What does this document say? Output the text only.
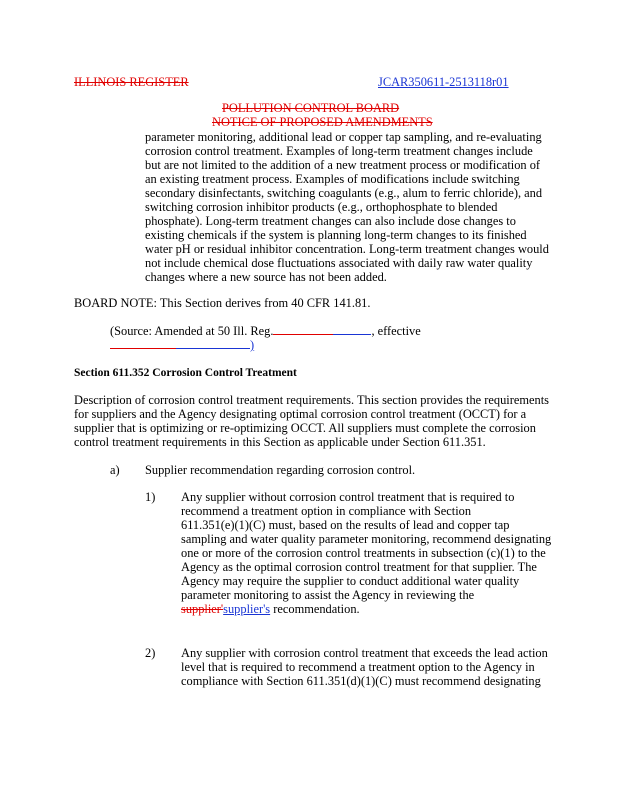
ILLINOIS REGISTER	JCAR350611-2513118r01
POLLUTION CONTROL BOARD
NOTICE OF PROPOSED AMENDMENTS
parameter monitoring, additional lead or copper tap sampling, and re-evaluating
corrosion control treatment. Examples of long-term treatment changes include
but are not limited to the addition of a new treatment process or modification of
an existing treatment process. Examples of modifications include switching
secondary disinfectants, switching coagulants (e.g., alum to ferric chloride), and
switching corrosion inhibitor products (e.g., orthophosphate to blended
phosphate). Long-term treatment changes can also include dose changes to
existing chemicals if the system is planning long-term changes to its finished
water pH or residual inhibitor concentration. Long-term treatment changes would
not include chemical dose fluctuations associated with daily raw water quality
changes where a new source has not been added.
BOARD NOTE: This Section derives from 40 CFR 141.81.
(Source: Amended at 50 Ill. Reg.	, effective
)
Section 611.352 Corrosion Control Treatment
Description of corrosion control treatment requirements. This section provides the requirements
for suppliers and the Agency designating optimal corrosion control treatment (OCCT) for a
supplier that is optimizing or re-optimizing OCCT. All suppliers must complete the corrosion
control treatment requirements in this Section as applicable under Section 611.351.
a) Supplier recommendation regarding corrosion control.
1) Any supplier without corrosion control treatment that is required to
recommend a treatment option in compliance with Section
611.351(e)(1)(C) must, based on the results of lead and copper tap
sampling and water quality parameter monitoring, recommend designating
one or more of the corrosion control treatments in subsection (c)(1) to the
Agency as the optimal corrosion control treatment for that supplier. The
Agency may require the supplier to conduct additional water quality
parameter monitoring to assist the Agency in reviewing the
supplier'supplier's recommendation.
2) Any supplier with corrosion control treatment that exceeds the lead action
level that is required to recommend a treatment option to the Agency in
compliance with Section 611.351(d)(1)(C) must recommend designating
